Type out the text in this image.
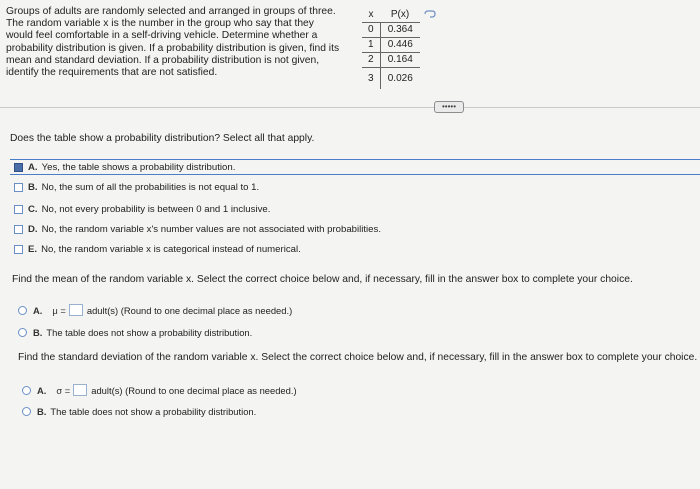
Groups of adults are randomly selected and arranged in groups of three.
The random variable x is the number in the group who say that they
would feel comfortable in a self-driving vehicle. Determine whether a
probability distribution is given. If a probability distribution is given, find its
mean and standard deviation. If a probability distribution is not given,
identify the requirements that are not satisfied.
x	P(x)
0	0.364
1	0.446
2	0.164
3	0.026
•••••
Does the table show a probability distribution? Select all that apply.
A. Yes, the table shows a probability distribution.
B. No, the sum of all the probabilities is not equal to 1.
C. No, not every probability is between 0 and 1 inclusive.
D. No, the random variable x's number values are not associated with probabilities.
E. No, the random variable x is categorical instead of numerical.
Find the mean of the random variable x. Select the correct choice below and, if necessary, fill in the answer box to complete your choice.
A. μ = adult(s) (Round to one decimal place as needed.)
B. The table does not show a probability distribution.
Find the standard deviation of the random variable x. Select the correct choice below and, if necessary, fill in the answer box to complete your choice.
A. σ = adult(s) (Round to one decimal place as needed.)
B. The table does not show a probability distribution.
